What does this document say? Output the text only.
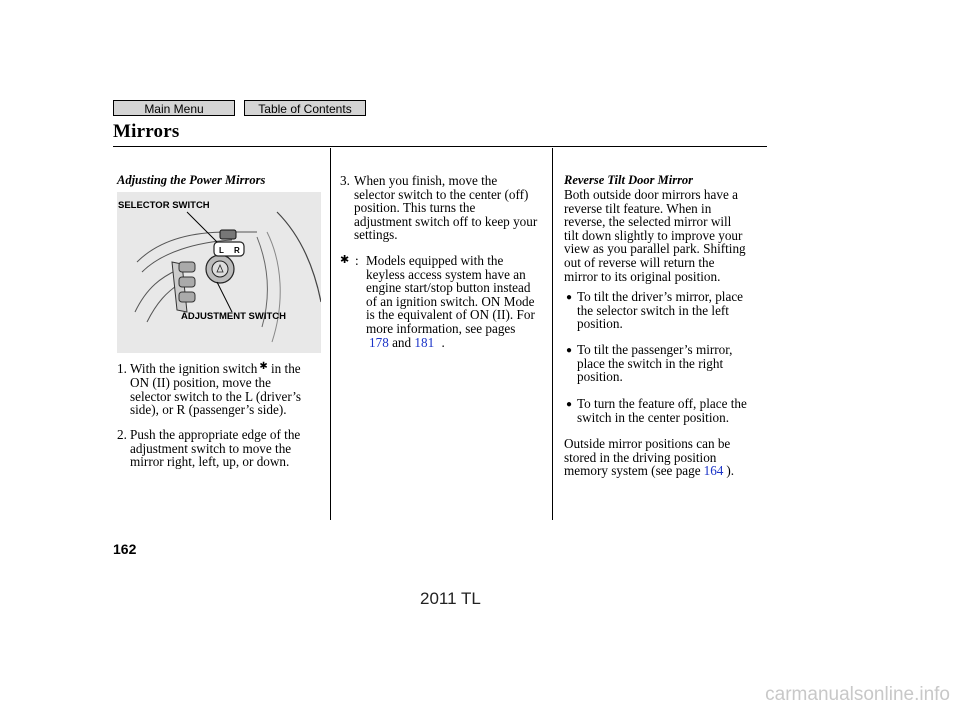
Main Menu	Table of Contents
Mirrors
Adjusting the Power Mirrors
L R
SELECTOR SWITCH
ADJUSTMENT SWITCH
1. With the ignition switch ✱ in the
ON (II) position, move the
selector switch to the L (driver’s
side), or R (passenger’s side).
2. Push the appropriate edge of the
adjustment switch to move the
mirror right, left, up, or down.
3. When you finish, move the
selector switch to the center (off)
position. This turns the
adjustment switch off to keep your
settings.
✱ : Models equipped with the
keyless access system have an
engine start/stop button instead
of an ignition switch. ON Mode
is the equivalent of ON (II). For
more information, see pages
178 and 181 .
Reverse Tilt Door Mirror
Both outside door mirrors have a
reverse tilt feature. When in
reverse, the selected mirror will
tilt down slightly to improve your
view as you parallel park. Shifting
out of reverse will return the
mirror to its original position.
● To tilt the driver’s mirror, place
the selector switch in the left
position.
● To tilt the passenger’s mirror,
place the switch in the right
position.
● To turn the feature off, place the
switch in the center position.
Outside mirror positions can be
stored in the driving position
memory system (see page 164 ).
162
2011 TL
carmanualsonline.info
